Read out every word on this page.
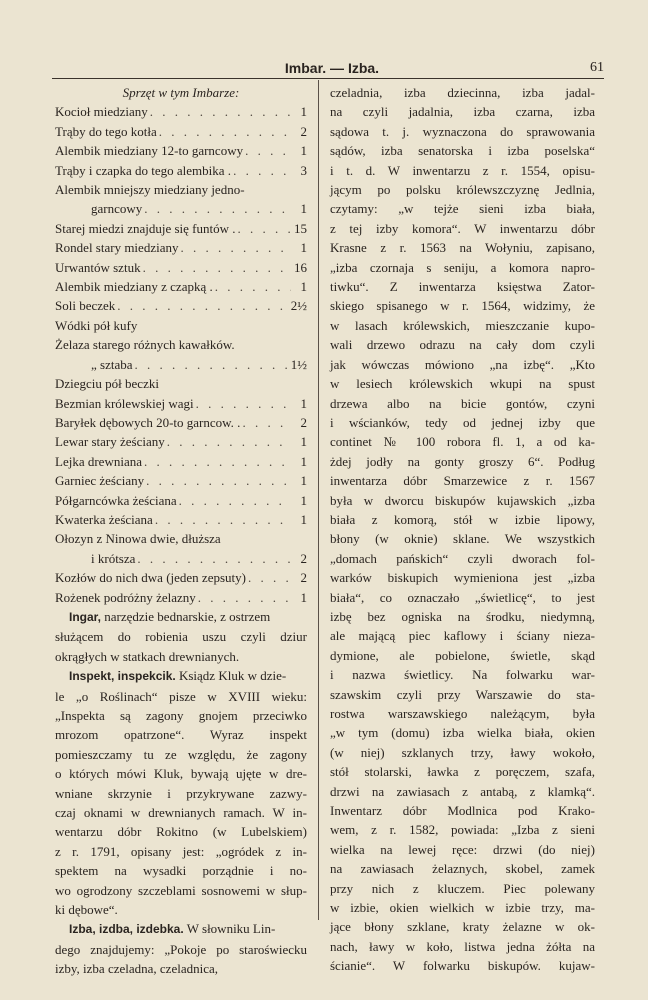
Imbar. — Izba.	61
Sprzęt w tym Imbarze:
Kocioł miedziany . . .	1
Trąby do tego kotła . . .	2
Alembik miedziany 12-to garncowy . . .	1
Trąby i czapka do tego alembika . . . .	3
Alembik mniejszy miedziany jedno-
garncowy . . .	1
Starej miedzi znajduje się funtów . . . .	15
Rondel stary miedziany . . .	1
Urwantów sztuk . . .	16
Alembik miedziany z czapką . . . .	1
Soli beczek . . .	2½
Wódki pół kufy
Żelaza starego różnych kawałków.
„ sztaba . . .	1½
Dziegciu pół beczki
Bezmian królewskiej wagi . . .	1
Baryłek dębowych 20-to garncow. . . . .	2
Lewar stary żeściany . . .	1
Lejka drewniana . . .	1
Garniec żeściany . . .	1
Półgarncówka żeściana . . .	1
Kwaterka żeściana . . .	1
Ołozyn z Ninowa dwie, dłuższa
i krótsza . . .	2
Kozłów do nich dwa (jeden zepsuty) . . .	2
Rożenek podróżny żelazny . . .	1

Ingar, narzędzie bednarskie, z ostrzem

służącem do robienia uszu czyli dziur
okrągłych w statkach drewnianych.

Inspekt, inspekcik. Ksiądz Kluk w dzie-

le „o Roślinach“ pisze w XVIII wieku:
„Inspekta są zagony gnojem przeciwko
mrozom opatrzone“. Wyraz inspekt
pomieszczamy tu ze względu, że zagony
o których mówi Kluk, bywają ujęte w dre-
wniane skrzynie i przykrywane zazwy-
czaj oknami w drewnianych ramach. W in-
wentarzu dóbr Rokitno (w Lubelskiem)
z r. 1791, opisany jest: „ogródek z in-
spektem na wysadki porządnie i no-
wo ogrodzony szczeblami sosnowemi w słup-
ki dębowe“.

Izba, izdba, izdebka. W słowniku Lin-

dego znajdujemy: „Pokoje po staroświecku
izby, izba czeladna, czeladnica,
czeladnia, izba dziecinna, izba jadal-
na czyli jadalnia, izba czarna, izba
sądowa t. j. wyznaczona do sprawowania
sądów, izba senatorska i izba poselska“
i t. d. W inwentarzu z r. 1554, opisu-
jącym po polsku królewszczyznę Jedlnia,
czytamy: „w tejże sieni izba biała,
z tej izby komora“. W inwentarzu dóbr
Krasne z r. 1563 na Wołyniu, zapisano,
„izba czornaja s seniju, a komora napro-
tiwku“. Z inwentarza księstwa Zator-
skiego spisanego w r. 1564, widzimy, że
w lasach królewskich, mieszczanie kupo-
wali drzewo odrazu na cały dom czyli
jak wówczas mówiono „na izbę“. „Kto
w lesiech królewskich wkupi na spust
drzewa albo na bicie gontów, czyni
i wścianków, tedy od jednej izby que
continet № 100 robora fl. 1, a od ka-
żdej jodły na gonty groszy 6“. Podług
inwentarza dóbr Smarzewice z r. 1567
była w dworcu biskupów kujawskich „izba
biała z komorą, stół w izbie lipowy,
błony (w oknie) sklane. We wszystkich
„domach pańskich“ czyli dworach fol-
warków biskupich wymieniona jest „izba
biała“, co oznaczało „świetlicę“, to jest
izbę bez ogniska na środku, niedymną,
ale mającą piec kaflowy i ściany nieza-
dymione, ale pobielone, świetle, skąd
i nazwa świetlicy. Na folwarku war-
szawskim czyli przy Warszawie do sta-
rostwa warszawskiego należącym, była
„w tym (domu) izba wielka biała, okien
(w niej) szklanych trzy, ławy wokoło,
stół stolarski, ławka z poręczem, szafa,
drzwi na zawiasach z antabą, z klamką“.
Inwentarz dóbr Modlnica pod Krako-
wem, z r. 1582, powiada: „Izba z sieni
wielka na lewej ręce: drzwi (do niej)
na zawiasach żelaznych, skobel, zamek
przy nich z kluczem. Piec polewany
w izbie, okien wielkich w izbie trzy, ma-
jące błony szklane, kraty żelazne w ok-
nach, ławy w koło, listwa jedna żółta na
ścianie“. W folwarku biskupów. kujaw-
